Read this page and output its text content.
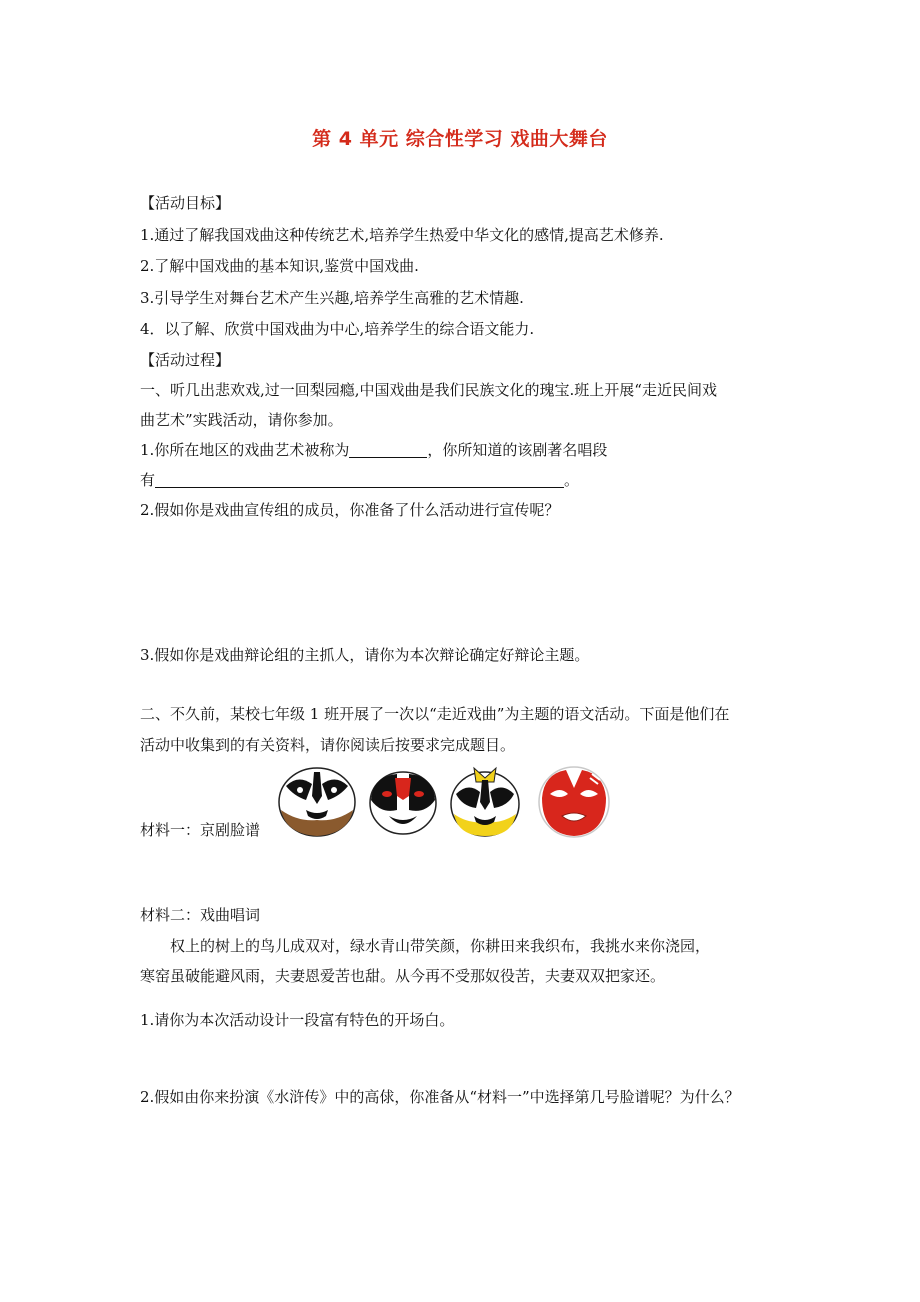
第 4 单元 综合性学习 戏曲大舞台
【活动目标】
1.通过了解我国戏曲这种传统艺术,培养学生热爱中华文化的感情,提高艺术修养.
2.了解中国戏曲的基本知识,鉴赏中国戏曲.
3.引导学生对舞台艺术产生兴趣,培养学生高雅的艺术情趣.
4．以了解、欣赏中国戏曲为中心,培养学生的综合语文能力.
【活动过程】
一、听几出悲欢戏,过一回梨园瘾,中国戏曲是我们民族文化的瑰宝.班上开展“走近民间戏
曲艺术”实践活动，请你参加。
1.你所在地区的戏曲艺术被称为	，你所知道的该剧著名唱段
有	。
2.假如你是戏曲宣传组的成员，你准备了什么活动进行宣传呢？
3.假如你是戏曲辩论组的主抓人，请你为本次辩论确定好辩论主题。
二、不久前，某校七年级 1 班开展了一次以“走近戏曲”为主题的语文活动。下面是他们在
活动中收集到的有关资料，请你阅读后按要求完成题目。
材料一：京剧脸谱
材料二：戏曲唱词
权上的树上的鸟儿成双对，绿水青山带笑颜，你耕田来我织布，我挑水来你浇园，
寒窑虽破能避风雨，夫妻恩爱苦也甜。从今再不受那奴役苦，夫妻双双把家还。
1.请你为本次活动设计一段富有特色的开场白。
2.假如由你来扮演《水浒传》中的高俅，你准备从“材料一”中选择第几号脸谱呢？为什么？
